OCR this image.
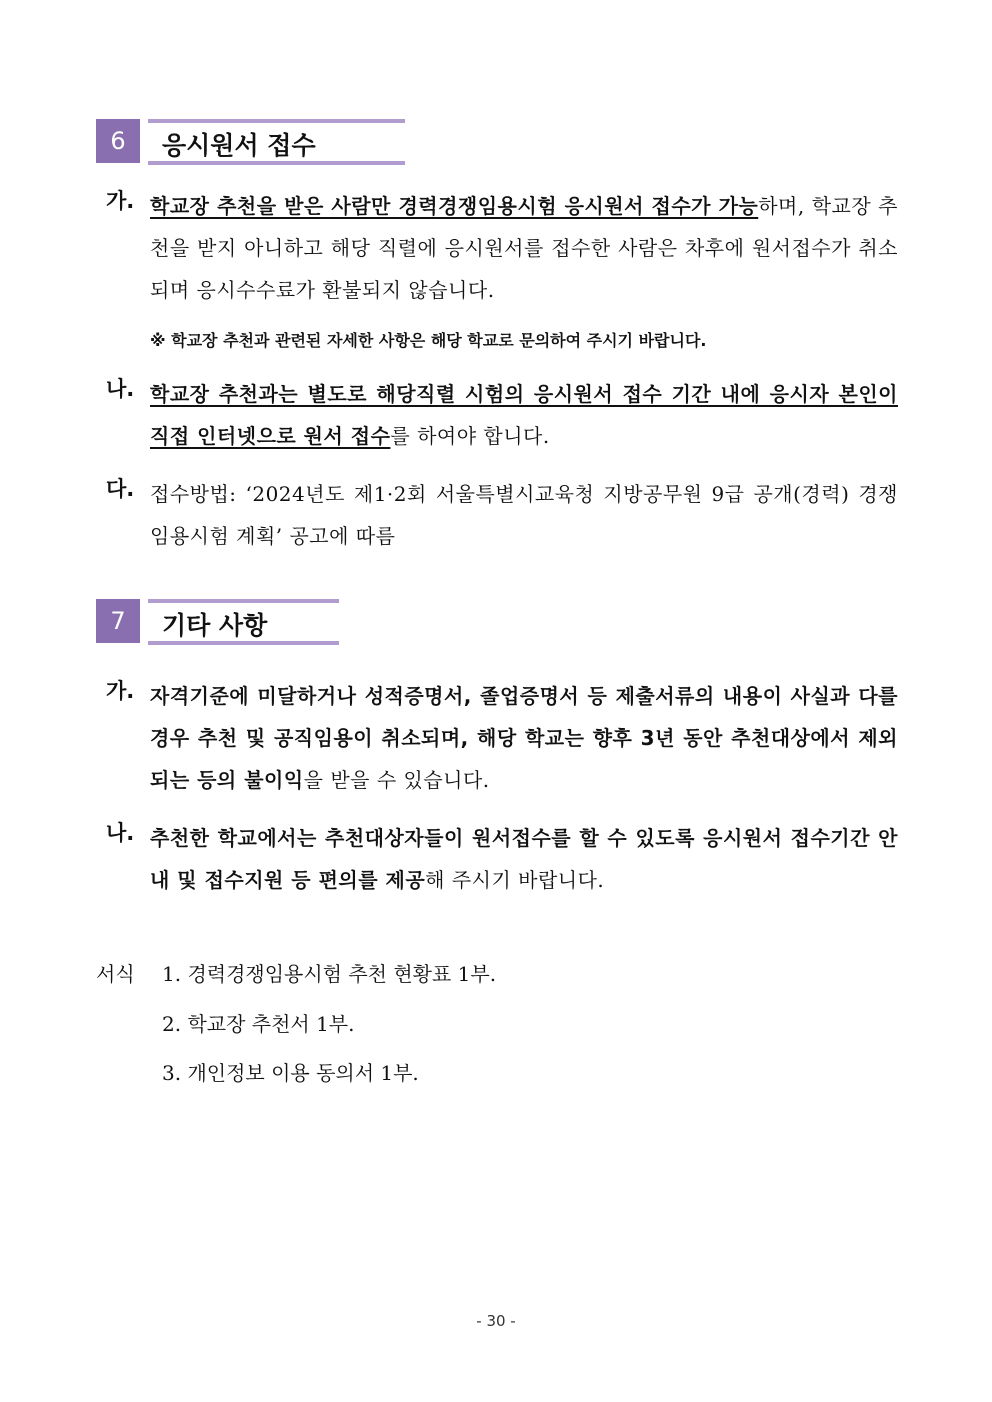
6	응시원서 접수
가. 학교장 추천을 받은 사람만 경력경쟁임용시험 응시원서 접수가 가능하며, 학교장 추천을 받지 아니하고 해당 직렬에 응시원서를 접수한 사람은 차후에 원서접수가 취소되며 응시수수료가 환불되지 않습니다.
※ 학교장 추천과 관련된 자세한 사항은 해당 학교로 문의하여 주시기 바랍니다.
나. 학교장 추천과는 별도로 해당직렬 시험의 응시원서 접수 기간 내에 응시자 본인이 직접 인터넷으로 원서 접수를 하여야 합니다.
다. 접수방법: ‘2024년도 제1·2회 서울특별시교육청 지방공무원 9급 공개(경력) 경쟁임용시험 계획’ 공고에 따름
7	기타 사항
가. 자격기준에 미달하거나 성적증명서, 졸업증명서 등 제출서류의 내용이 사실과 다를 경우 추천 및 공직임용이 취소되며, 해당 학교는 향후 3년 동안 추천대상에서 제외되는 등의 불이익을 받을 수 있습니다.
나. 추천한 학교에서는 추천대상자들이 원서접수를 할 수 있도록 응시원서 접수기간 안내 및 접수지원 등 편의를 제공해 주시기 바랍니다.
서식 1. 경력경쟁임용시험 추천 현황표 1부.
2. 학교장 추천서 1부.
3. 개인정보 이용 동의서 1부.
- 30 -
